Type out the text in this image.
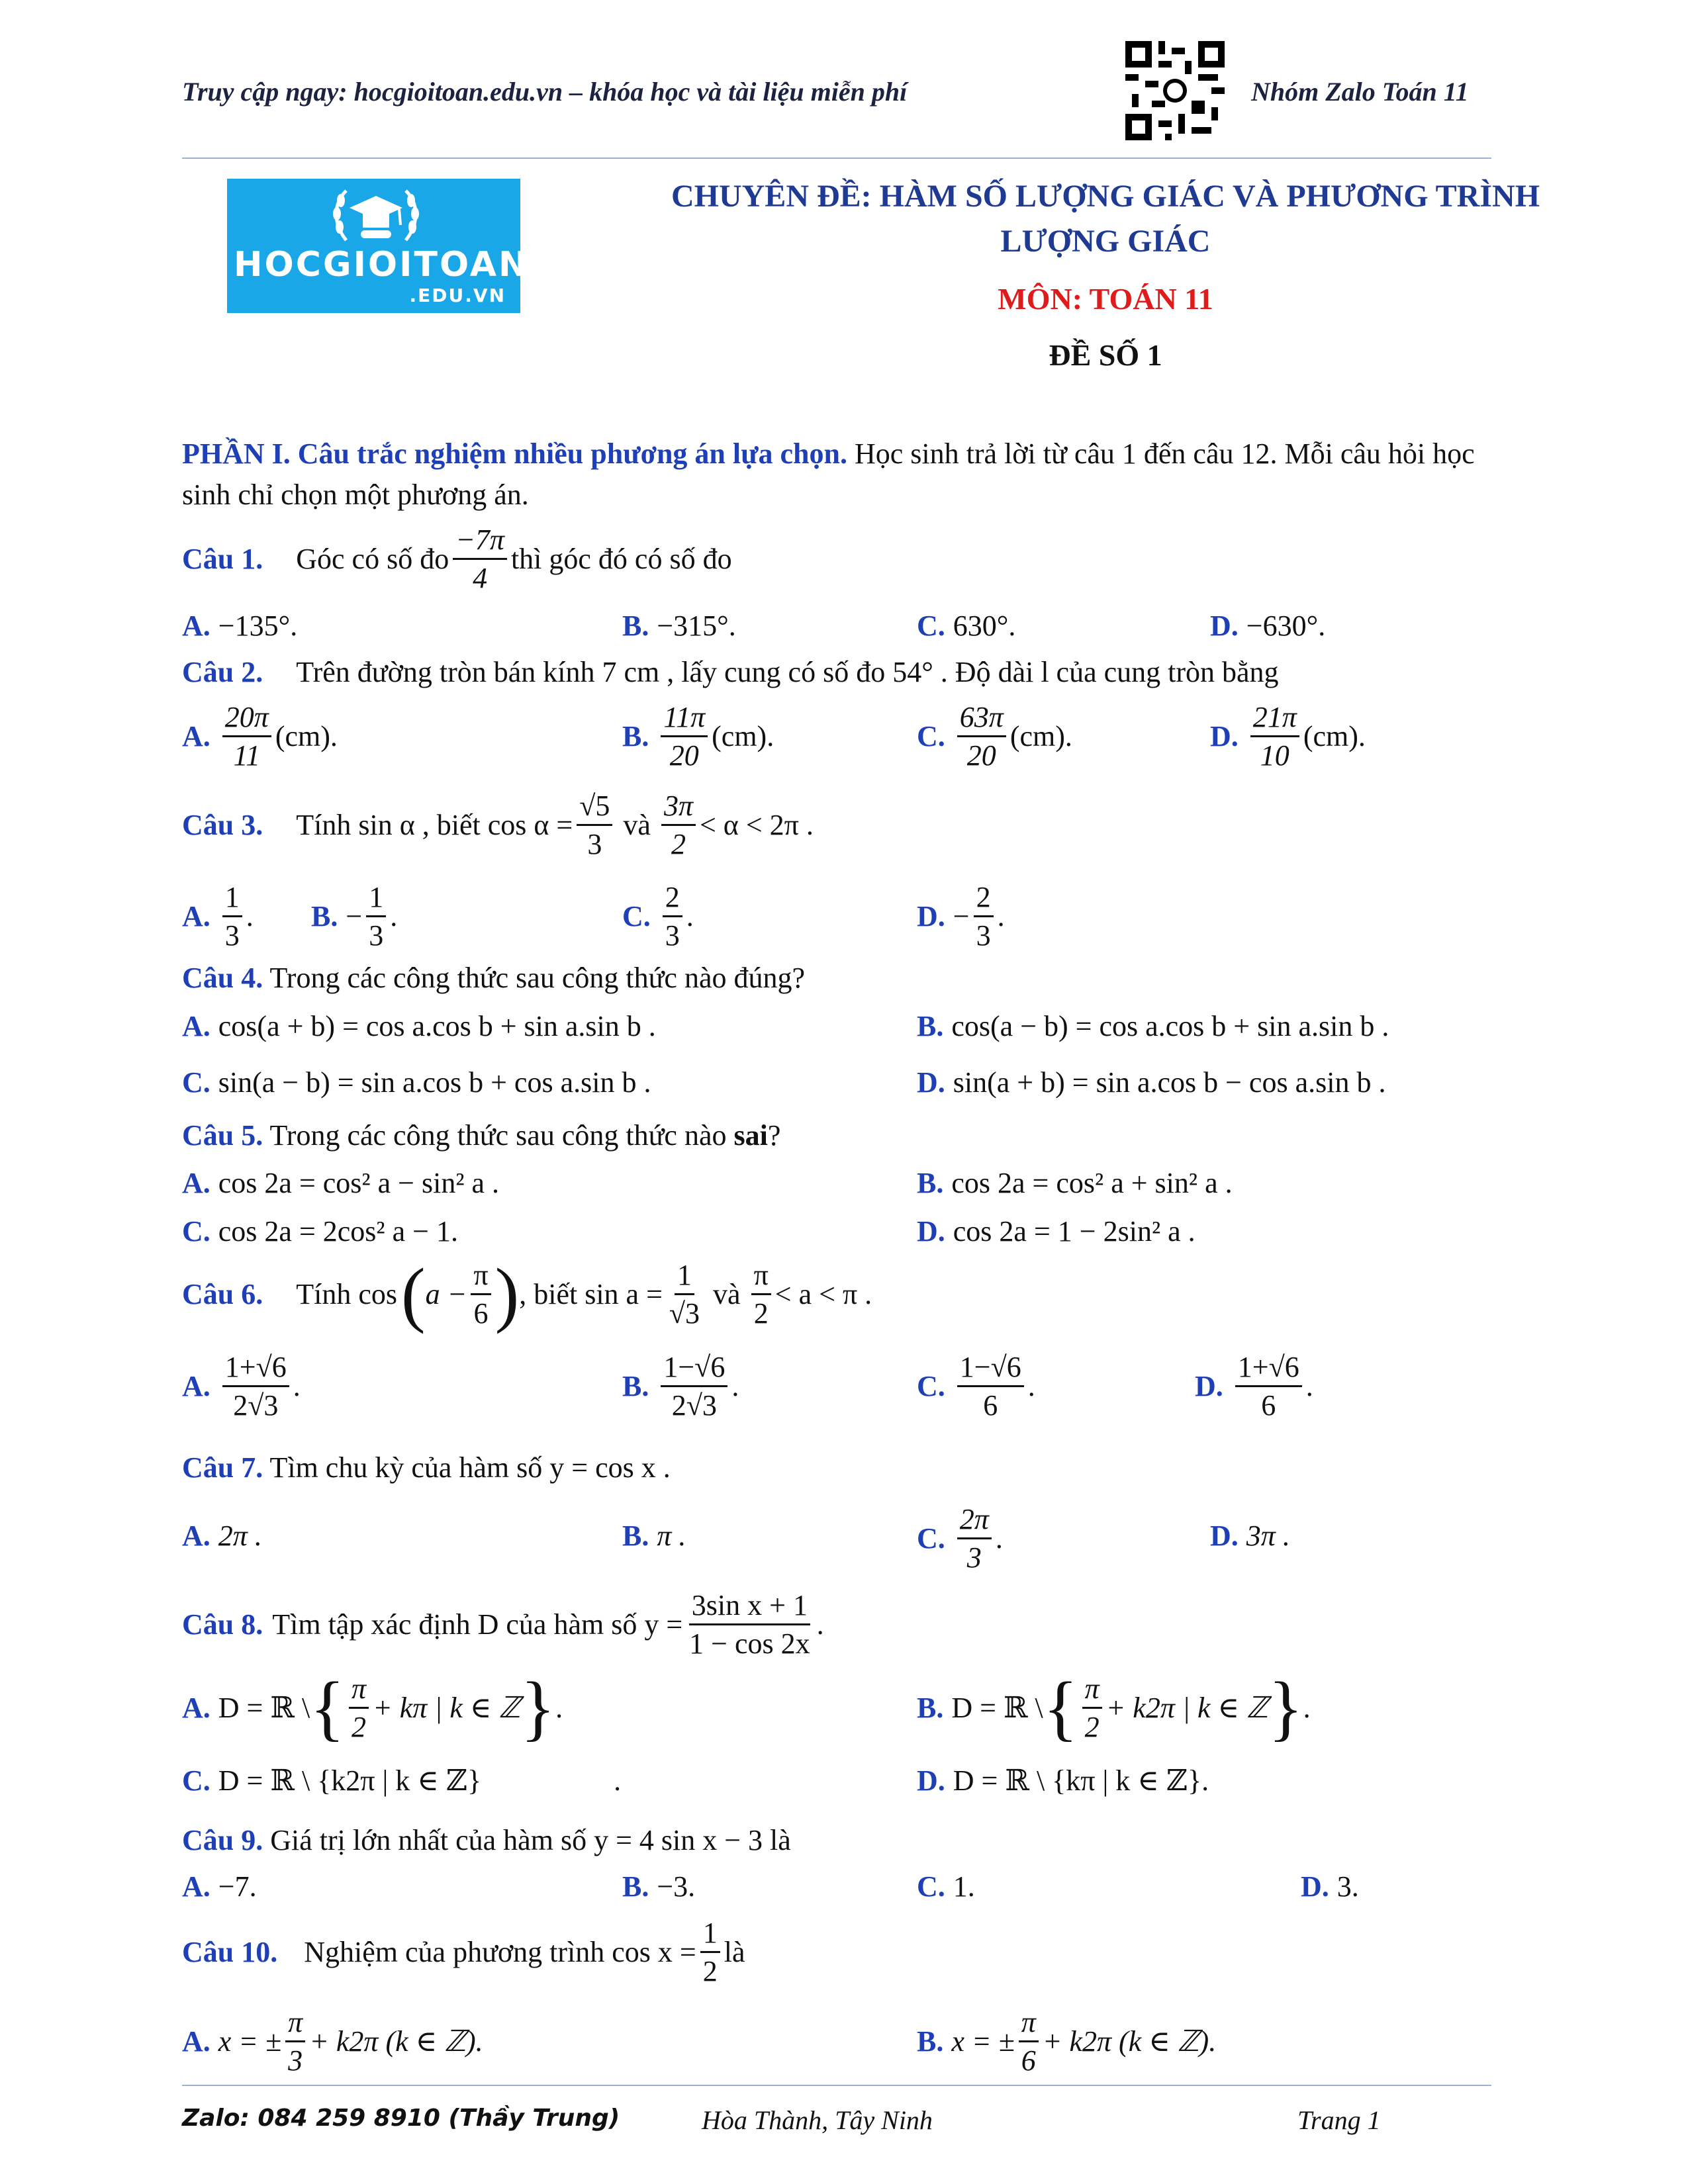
Truy cập ngay: hocgioitoan.edu.vn – khóa học và tài liệu miễn phí	Nhóm Zalo Toán 11
HOCGIOITOAN
.EDU.VN
CHUYÊN ĐỀ: HÀM SỐ LƯỢNG GIÁC VÀ PHƯƠNG TRÌNH
LƯỢNG GIÁC
MÔN: TOÁN 11
ĐỀ SỐ 1
PHẦN I. Câu trắc nghiệm nhiều phương án lựa chọn. Học sinh trả lời từ câu 1 đến câu 12. Mỗi câu hỏi học sinh chỉ chọn một phương án.
Câu 1. Góc có số đo $\frac{-7\pi}{4}$ thì góc đó có số đo
A. −135°.	B. −315°.	C. 630°.	D. −630°.
Câu 2. Trên đường tròn bán kính 7 cm , lấy cung có số đo 54° . Độ dài l của cung tròn bằng
A. $\frac{20\pi}{11} (cm)$.	B. $\frac{11\pi}{20} (cm)$.	C. $\frac{63\pi}{20} (cm)$.	D. $\frac{21\pi}{10} (cm)$.
Câu 3. Tính sin α , biết $\cos \alpha = \frac{√5}{3}$ và $\frac{3\pi}{2} < \alpha < 2\pi$ .
A. $\frac{1}{3}$ . B. − $\frac{1}{3}$ .	C. $\frac{2}{3}$ .	D. − $\frac{2}{3}$ .
Câu 4. Trong các công thức sau công thức nào đúng?
A. cos(a + b) = cos a.cos b + sin a.sin b .	B. cos(a − b) = cos a.cos b + sin a.sin b .
C. sin(a − b) = sin a.cos b + cos a.sin b .	D. sin(a + b) = sin a.cos b − cos a.sin b .
Câu 5. Trong các công thức sau công thức nào sai?
A. cos 2a = cos² a − sin² a .	B. cos 2a = cos² a + sin² a .
C. cos 2a = 2cos² a − 1.	D. cos 2a = 1 − 2sin² a .
Câu 6. Tính cos ( $a - \frac{\pi}{6}$ ) , biết $\sin a = \frac{1}{√3}$ và $\frac{\pi}{2} < a < \pi$ .
A. $\frac{1+√6}{2√3}$ .	B. $\frac{1-√6}{2√3}$ .	C. $\frac{1-√6}{6}$ .	D. $\frac{1+√6}{6}$ .
Câu 7. Tìm chu kỳ của hàm số y = cos x .
A. 2π .	B. π .	C. $\frac{2\pi}{3}$ .	D. 3π .
Câu 8. Tìm tập xác định D của hàm số $y = \frac{\text{3sin x + 1}}{1 - \cos 2x}$ .
A. D = ℝ \ { $\frac{\pi}{2} + k\pi$ | k ∈ ℤ } .	B. D = ℝ \ { $\frac{\pi}{2} + k2\pi$ | k ∈ ℤ } .
C. D = ℝ \ {k2π | k ∈ ℤ}	.	D. D = ℝ \ {kπ | k ∈ ℤ}.
Câu 9. Giá trị lớn nhất của hàm số y = 4 sin x − 3 là
A. −7.	B. −3.	C. 1.	D. 3.
Câu 10. Nghiệm của phương trình $\cos x = \frac{1}{2}$ là
A. x = ± $\frac{\pi}{3} + k2\pi$ (k ∈ ℤ).	B. x = ± $\frac{\pi}{6} + k2\pi$ (k ∈ ℤ).
Zalo: 084 259 8910 (Thầy Trung)	Hòa Thành, Tây Ninh	Trang 1
